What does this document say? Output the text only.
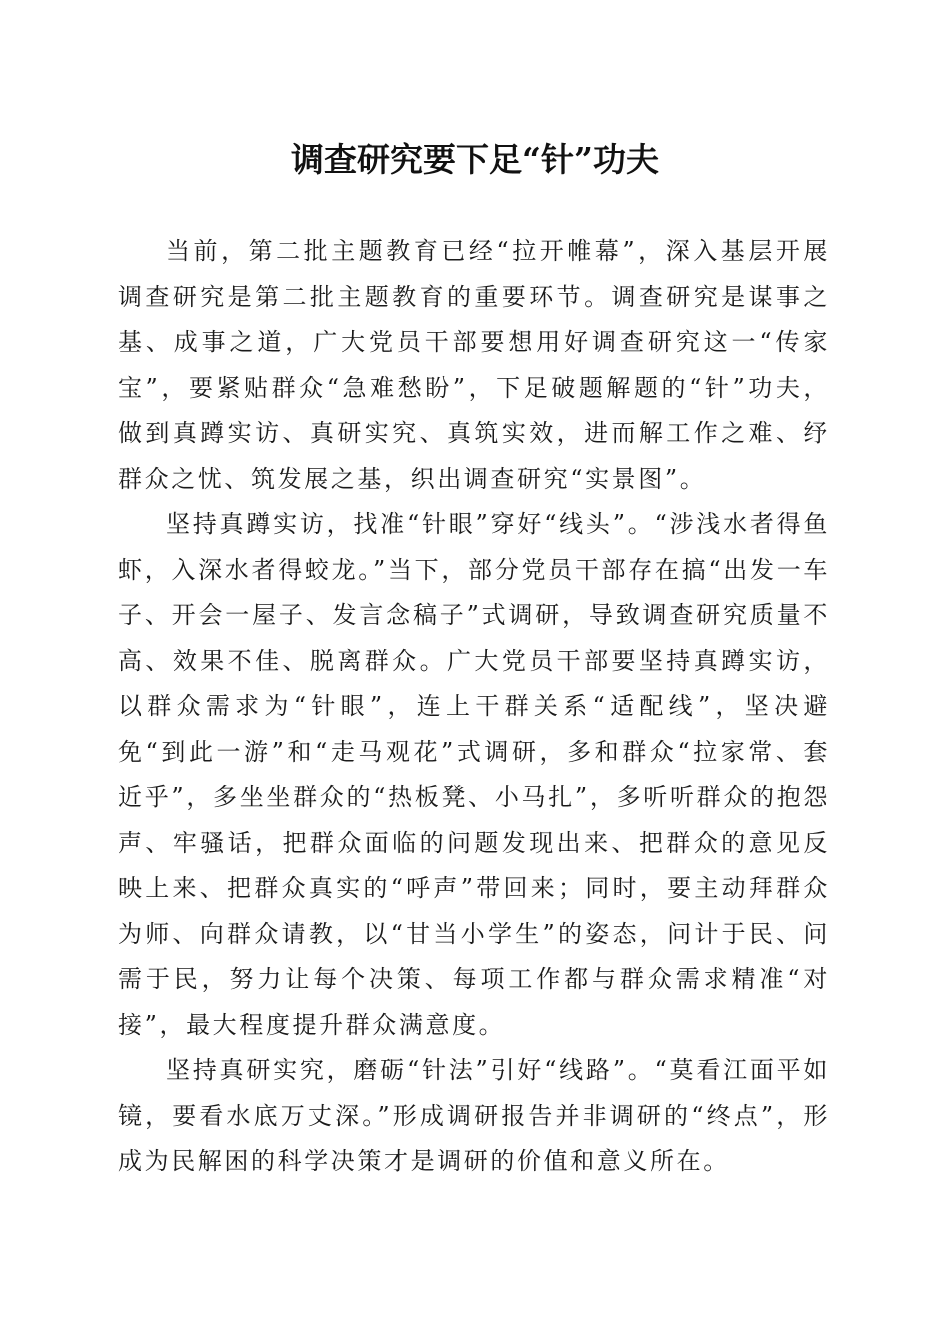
调查研究要下足“针”功夫

当前，第二批主题教育已经“拉开帷幕”，深入基层开展调查研究是第二批主题教育的重要环节。调查研究是谋事之基、成事之道，广大党员干部要想用好调查研究这一“传家宝”，要紧贴群众“急难愁盼”，下足破题解题的“针”功夫，做到真蹲实访、真研实究、真筑实效，进而解工作之难、纾群众之忧、筑发展之基，织出调查研究“实景图”。

坚持真蹲实访，找准“针眼”穿好“线头”。“涉浅水者得鱼虾，入深水者得蛟龙。”当下，部分党员干部存在搞“出发一车子、开会一屋子、发言念稿子”式调研，导致调查研究质量不高、效果不佳、脱离群众。广大党员干部要坚持真蹲实访，以群众需求为“针眼”，连上干群关系“适配线”，坚决避免“到此一游”和“走马观花”式调研，多和群众“拉家常、套近乎”，多坐坐群众的“热板凳、小马扎”，多听听群众的抱怨声、牢骚话，把群众面临的问题发现出来、把群众的意见反映上来、把群众真实的“呼声”带回来；同时，要主动拜群众为师、向群众请教，以“甘当小学生”的姿态，问计于民、问需于民，努力让每个决策、每项工作都与群众需求精准“对接”，最大程度提升群众满意度。

坚持真研实究，磨砺“针法”引好“线路”。“莫看江面平如镜，要看水底万丈深。”形成调研报告并非调研的“终点”，形成为民解困的科学决策才是调研的价值和意义所在。
